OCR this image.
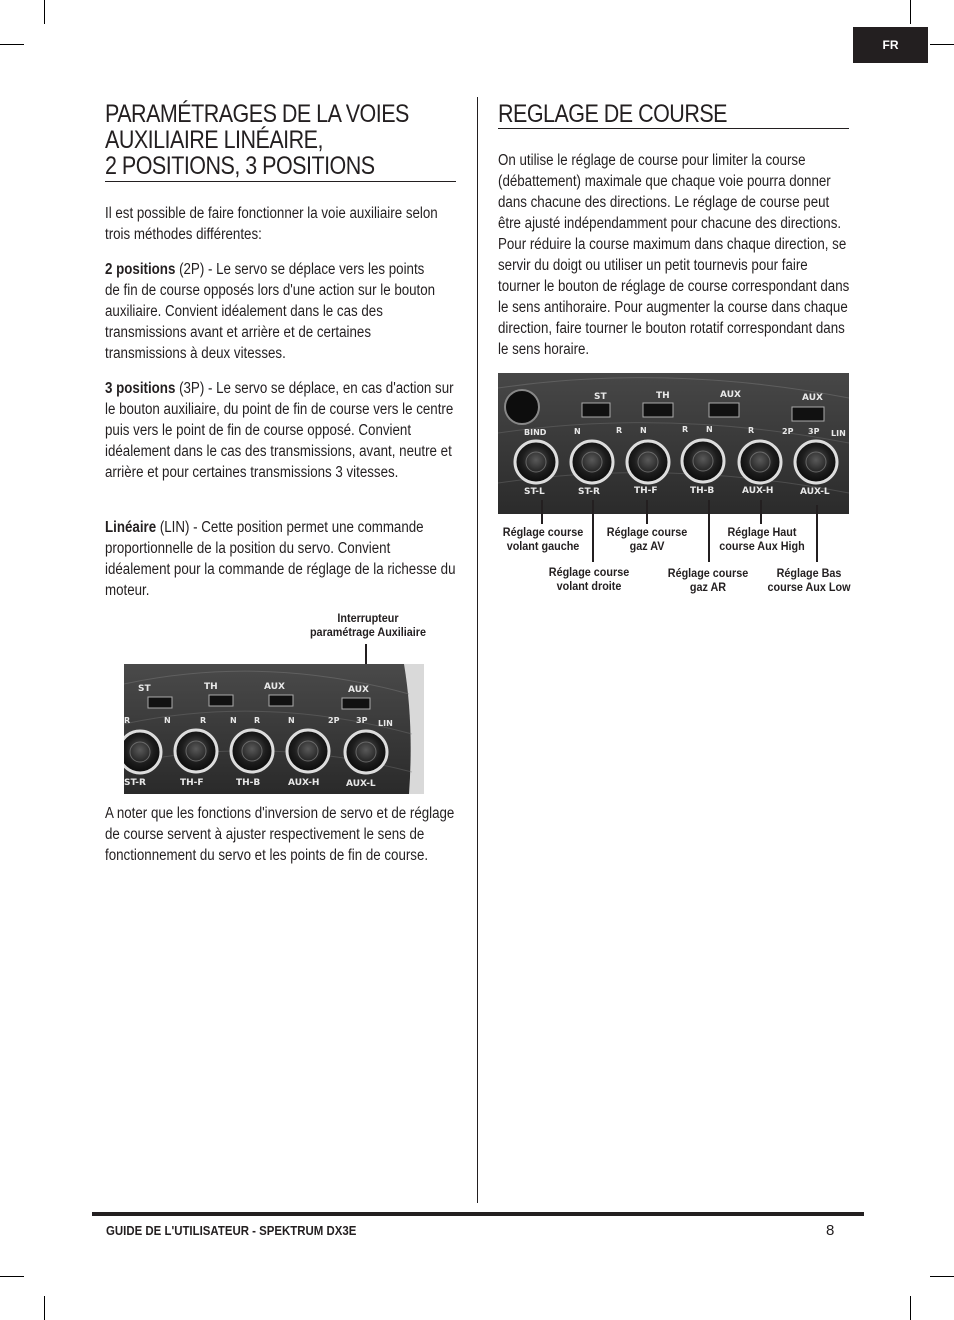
FR
PARAMÉTRAGES DE LA VOIES
AUXILIAIRE LINÉAIRE,
2 POSITIONS, 3 POSITIONS

Il est possible de faire fonctionner la voie auxiliaire selon trois méthodes différentes:

2 positions (2P) - Le servo se déplace vers les points de fin de course opposés lors d'une action sur le bouton auxiliaire. Convient idéalement dans le cas des transmissions avant et arrière et de certaines transmissions à deux vitesses.

3 positions (3P) - Le servo se déplace, en cas d'action sur le bouton auxiliaire, du point de fin de course vers le centre puis vers le point de fin de course opposé. Convient idéalement dans le cas des transmissions, avant, neutre et arrière et pour certaines transmissions 3 vitesses.

Linéaire (LIN) - Cette position permet une commande proportionnelle de la position du servo. Convient idéalement pour la commande de réglage de la richesse du moteur.

Interrupteur
paramétrage Auxiliaire
ST	TH	AUX	AUX
R	N	R	N R	N	2P 3P LIN
ST-R	TH-F	TH-B	AUX-H	AUX-L

A noter que les fonctions d'inversion de servo et de réglage de course servent à ajuster respectivement le sens de fonctionnement du servo et les points de fin de course.

REGLAGE DE COURSE

On utilise le réglage de course pour limiter la course (débattement) maximale que chaque voie pourra donner dans chacune des directions. Le réglage de course peut être ajusté indépendamment pour chacune des directions. Pour réduire la course maximum dans chaque direction, se servir du doigt ou utiliser un petit tournevis pour faire tourner le bouton de réglage de course correspondant dans le sens antihoraire. Pour augmenter la course dans chaque direction, faire tourner le bouton rotatif correspondant dans le sens horaire.

ST	TH	AUX	AUX
BIND	N	R N	R N	R	2P 3P LIN
ST-L	ST-R	TH-F	TH-B	AUX-H	AUX-L
Réglage course
volant gauche
Réglage course
gaz AV
Réglage Haut
course Aux High
Réglage course
volant droite
Réglage course
gaz AR
Réglage Bas
course Aux Low
GUIDE DE L'UTILISATEUR - SPEKTRUM DX3E	8
